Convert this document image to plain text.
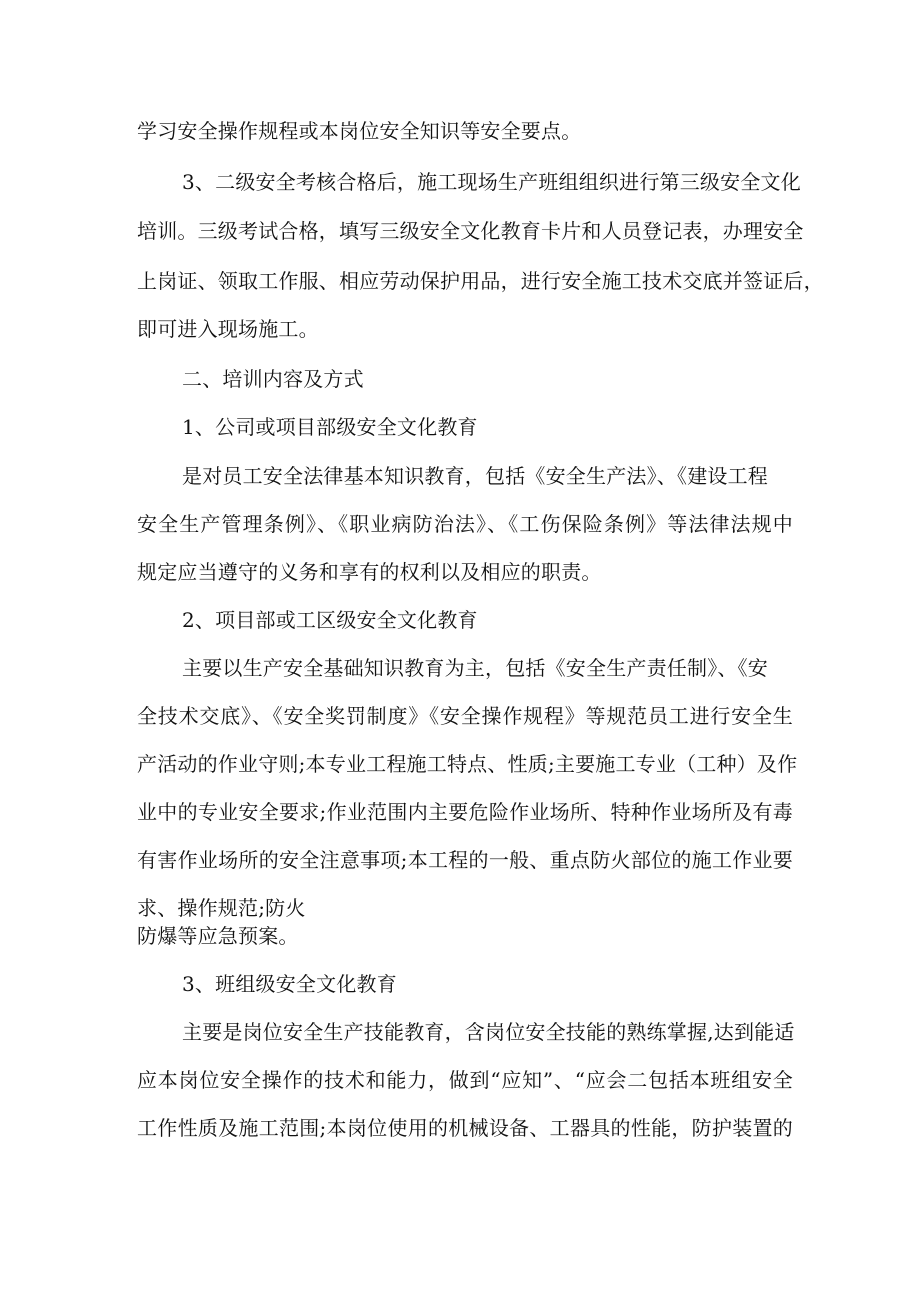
学习安全操作规程或本岗位安全知识等安全要点。
3、二级安全考核合格后，施工现场生产班组组织进行第三级安全文化
培训。三级考试合格，填写三级安全文化教育卡片和人员登记表，办理安全
上岗证、领取工作服、相应劳动保护用品，进行安全施工技术交底并签证后，
即可进入现场施工。
二、培训内容及方式
1、公司或项目部级安全文化教育
是对员工安全法律基本知识教育，包括《安全生产法》、《建设工程
安全生产管理条例》、《职业病防治法》、《工伤保险条例》等法律法规中
规定应当遵守的义务和享有的权利以及相应的职责。
2、项目部或工区级安全文化教育
主要以生产安全基础知识教育为主，包括《安全生产责任制》、《安
全技术交底》、《安全奖罚制度》《安全操作规程》等规范员工进行安全生
产活动的作业守则;本专业工程施工特点、性质;主要施工专业（工种）及作
业中的专业安全要求;作业范围内主要危险作业场所、特种作业场所及有毒
有害作业场所的安全注意事项;本工程的一般、重点防火部位的施工作业要
求、操作规范;防火
防爆等应急预案。
3、班组级安全文化教育
主要是岗位安全生产技能教育，含岗位安全技能的熟练掌握,达到能适
应本岗位安全操作的技术和能力，做到“应知”、“应会二包括本班组安全
工作性质及施工范围;本岗位使用的机械设备、工器具的性能，防护装置的
